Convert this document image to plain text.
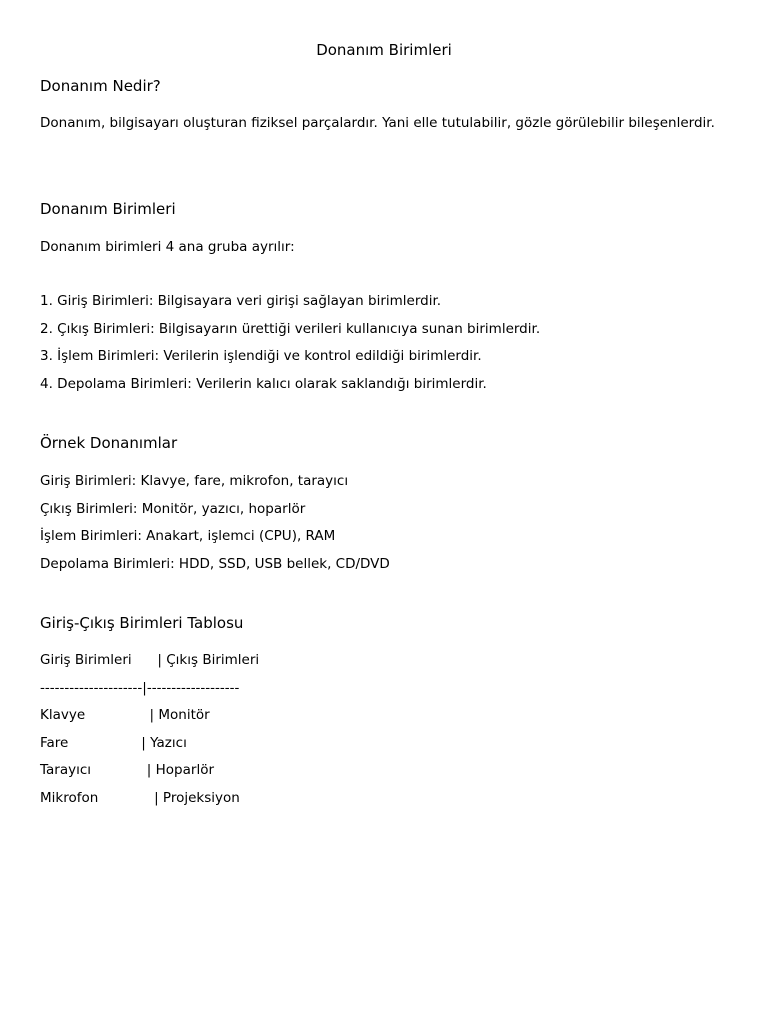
Donanım Birimleri
Donanım Nedir?
Donanım, bilgisayarı oluşturan fiziksel parçalardır. Yani elle tutulabilir, gözle görülebilir bileşenlerdir.
Donanım Birimleri
Donanım birimleri 4 ana gruba ayrılır:
1. Giriş Birimleri: Bilgisayara veri girişi sağlayan birimlerdir.
2. Çıkış Birimleri: Bilgisayarın ürettiği verileri kullanıcıya sunan birimlerdir.
3. İşlem Birimleri: Verilerin işlendiği ve kontrol edildiği birimlerdir.
4. Depolama Birimleri: Verilerin kalıcı olarak saklandığı birimlerdir.
Örnek Donanımlar
Giriş Birimleri: Klavye, fare, mikrofon, tarayıcı
Çıkış Birimleri: Monitör, yazıcı, hoparlör
İşlem Birimleri: Anakart, işlemci (CPU), RAM
Depolama Birimleri: HDD, SSD, USB bellek, CD/DVD
Giriş-Çıkış Birimleri Tablosu
Giriş Birimleri      | Çıkış Birimleri
---------------------|-------------------
Klavye               | Monitör
Fare                 | Yazıcı
Tarayıcı             | Hoparlör
Mikrofon             | Projeksiyon
